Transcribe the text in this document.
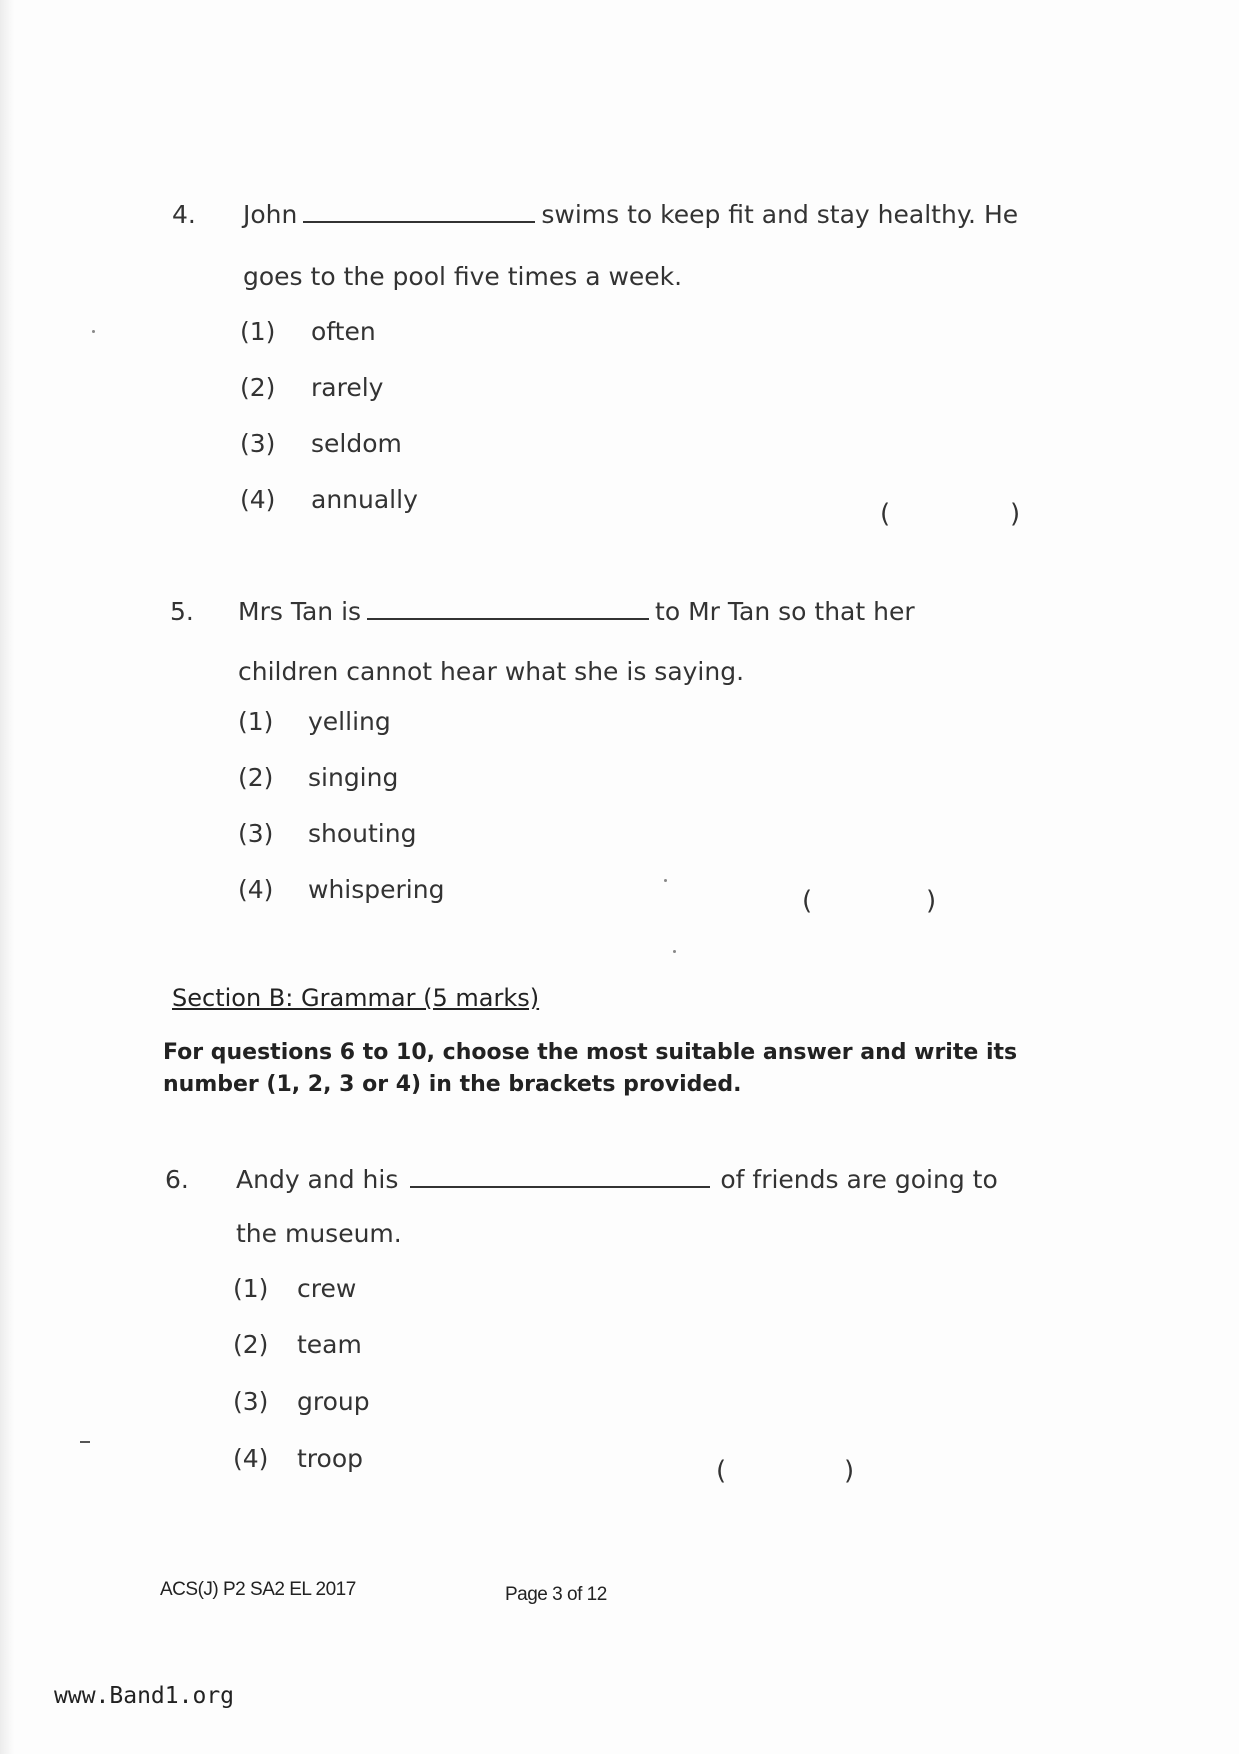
4. John	swims to keep fit and stay healthy. He
goes to the pool five times a week.
(1) often
(2) rarely
(3) seldom
(4) annually	(	)
5. Mrs Tan is	to Mr Tan so that her
children cannot hear what she is saying.
(1) yelling
(2) singing
(3) shouting
(4) whispering	(	)
Section B: Grammar (5 marks)
For questions 6 to 10, choose the most suitable answer and write its
number (1, 2, 3 or 4) in the brackets provided.
6. Andy and his	of friends are going to
the museum.
(1) crew
(2) team
(3) group
(4) troop	(	)
ACS(J) P2 SA2 EL 2017	Page 3 of 12
www.Band1.org
